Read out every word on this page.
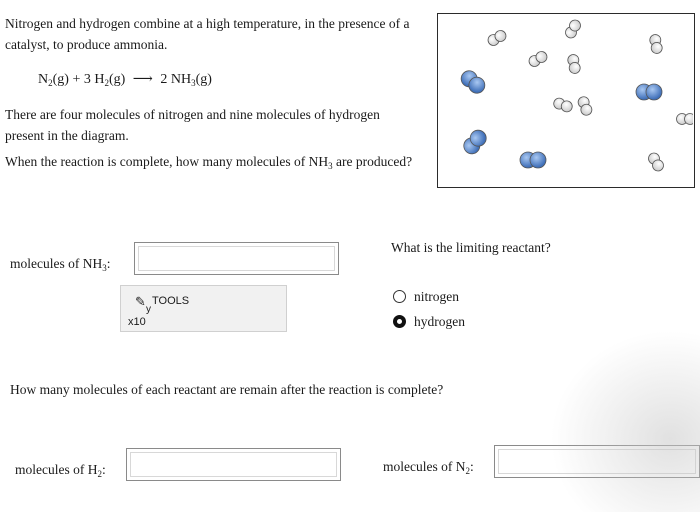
Nitrogen and hydrogen combine at a high temperature, in the presence of a
catalyst, to produce ammonia.
$N_2(g) + 3$ $H_2(g)$ ⟶ 2 $NH_3(g)$
There are four molecules of nitrogen and nine molecules of hydrogen
present in the diagram.
When the reaction is complete, how many molecules of $NH_3$ are produced?
molecules of $NH_3$:
✎ TOOLS
y
x10
What is the limiting reactant?
nitrogen
hydrogen
How many molecules of each reactant are remain after the reaction is complete?
molecules of $H_2$:	molecules of $N_2$:
